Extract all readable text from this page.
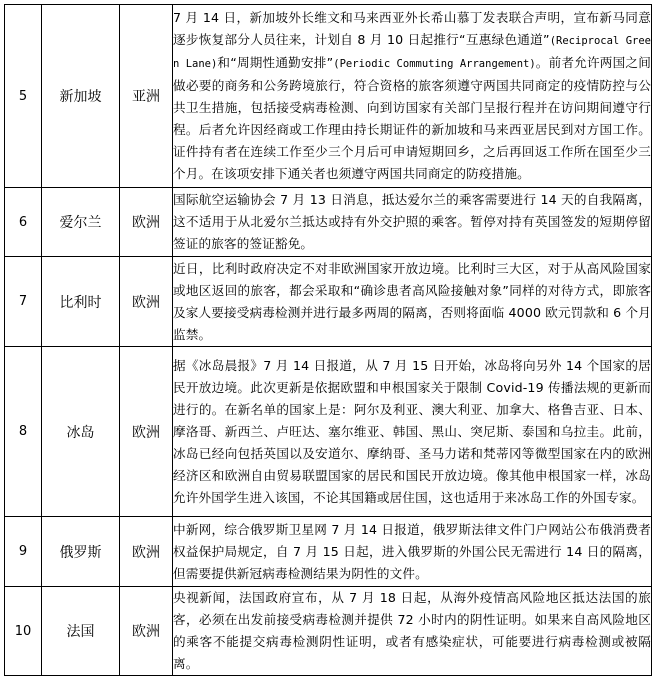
5	新加坡	亚洲	7 月 14 日，新加坡外长维文和马来西亚外长希山慕丁发表联合声明，宣布新马同意逐步恢复部分人员往来，计划自 8 月 10 日起推行“互惠绿色通道”(Reciprocal Green Lane)和“周期性通勤安排”(Periodic Commuting Arrangement)。前者允许两国之间做必要的商务和公务跨境旅行，符合资格的旅客须遵守两国共同商定的疫情防控与公共卫生措施，包括接受病毒检测、向到访国家有关部门呈报行程并在访问期间遵守行程。后者允许因经商或工作理由持长期证件的新加坡和马来西亚居民到对方国工作。证件持有者在连续工作至少三个月后可申请短期回乡，之后再回返工作所在国至少三个月。在该项安排下通关者也须遵守两国共同商定的防疫措施。
6	爱尔兰	欧洲	国际航空运输协会 7 月 13 日消息，抵达爱尔兰的乘客需要进行 14 天的自我隔离，这不适用于从北爱尔兰抵达或持有外交护照的乘客。暂停对持有英国签发的短期停留签证的旅客的签证豁免。
7	比利时	欧洲	近日，比利时政府决定不对非欧洲国家开放边境。比利时三大区，对于从高风险国家或地区返回的旅客，都会采取和“确诊患者高风险接触对象”同样的对待方式，即旅客及家人要接受病毒检测并进行最多两周的隔离，否则将面临 4000 欧元罚款和 6 个月监禁。
8	冰岛	欧洲	据《冰岛晨报》7 月 14 日报道，从 7 月 15 日开始，冰岛将向另外 14 个国家的居民开放边境。此次更新是依据欧盟和申根国家关于限制 Covid-19 传播法规的更新而进行的。在新名单的国家上是：阿尔及利亚、澳大利亚、加拿大、格鲁吉亚、日本、摩洛哥、新西兰、卢旺达、塞尔维亚、韩国、黑山、突尼斯、泰国和乌拉圭。此前，冰岛已经向包括英国以及安道尔、摩纳哥、圣马力诺和梵蒂冈等微型国家在内的欧洲经济区和欧洲自由贸易联盟国家的居民和国民开放边境。像其他申根国家一样，冰岛允许外国学生进入该国，不论其国籍或居住国，这也适用于来冰岛工作的外国专家。
9	俄罗斯	欧洲	中新网，综合俄罗斯卫星网 7 月 14 日报道，俄罗斯法律文件门户网站公布俄消费者权益保护局规定，自 7 月 15 日起，进入俄罗斯的外国公民无需进行 14 日的隔离，但需要提供新冠病毒检测结果为阴性的文件。
10	法国	欧洲	央视新闻，法国政府宣布，从 7 月 18 日起，从海外疫情高风险地区抵达法国的旅客，必须在出发前接受病毒检测并提供 72 小时内的阴性证明。如果来自高风险地区的乘客不能提交病毒检测阴性证明，或者有感染症状，可能要进行病毒检测或被隔离。
